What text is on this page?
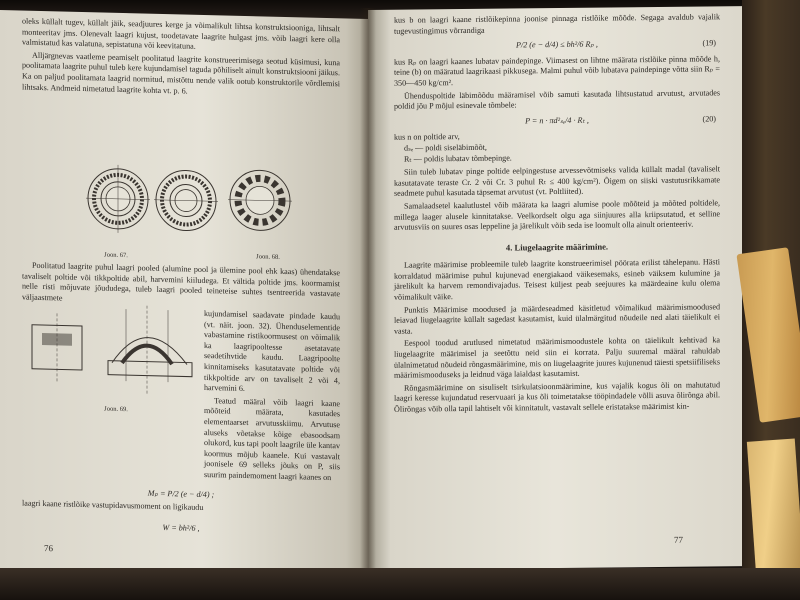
oleks küllalt tugev, küllalt jäik, seadjuures kerge ja võimalikult lihtsa konstruktsiooniga, lihtsalt monteeritav jms. Olenevalt laagri kujust, toodetavate laagrite hulgast jms. võib laagri kere olla valmistatud kas valatuna, sepistatuna või keevitatuna.

Alljärgnevas vaatleme peamiselt poolitatud laagrite konstrueerimisega seotud küsimusi, kuna poolitamata laagrite puhul tuleb kere kujundamisel taguda põhiliselt ainult konstruktsiooni jäikus. Ka on paljud poolitamata laagrid normitud, mistõttu nende valik ootub konstruktorile võrdlemisi lihtsaks. Andmeid nimetatud laagrite kohta vt. p. 6.

Joon. 67.	Joon. 68.

Poolitatud laagrite puhul laagri pooled (alumine pool ja ülemine pool ehk kaas) ühendatakse tavaliselt poltide või tikkpoltide abil, harvemini kiiludega. Et vältida poltide jms. koormamist nelle risti mõjuvate jõududega, tuleb laagri pooled teineteise suhtes tsentreerida vastavate väljaastmete

kujundamisel saadavate pindade kaudu (vt. näit. joon. 32). Ühenduselementide vabastamine ristikoormusest on võimalik ka laagripooltesse asetatavate seadetihvtide kaudu. Laagripoolte kinnitamiseks kasutatavate poltide või tikkpoltide arv on tavaliselt 2 või 4, harvemini 6.

Teatud määral võib laagri kaane mõõteid määrata, kasutades elementaarset arvutusskiimu. Arvutuse aluseks võetakse kõige ebasoodsam olukord, kus tapi poolt laagrile üle kantav koormus mõjub kaanele. Kui vastavalt joonisele 69 selleks jõuks on P, siis suurim paindemoment laagri kaanes on

Joon. 69.
Mₚ = P/2 (e − d/4) ;

laagri kaane ristlõike vastupidavusmoment on ligikaudu

W = bh²/6 ,
76

kus b on laagri kaane ristlõikepinna joonise pinnaga ristlõike mõõde. Segaga avaldub vajalik tugevustingimus võrrandiga

P/2 (e − d/4) ≤ bh²/6 Rₚ ,	(19)

kus Rₚ on laagri kaanes lubatav paindepinge. Viimasest on lihtne määrata ristlõike pinna mõõde h, teine (b) on määratud laagrikaasi pikkusega. Malmi puhul võib lubatava paindepinge võtta siin Rₚ = 350—450 kg/cm².

Ühenduspoltide läbimõõdu määramisel võib samuti kasutada lihtsustatud arvutust, arvutades poldid jõu P mõjul esinevale tõmbele:

P = n · πd²ₛₑ/4 · Rₜ ,	(20)
kus n on poltide arv,
dₛₑ — poldi siseläbimõõt,
Rₜ — poldis lubatav tõmbepinge.

Siin tuleb lubatav pinge poltide eelpingestuse arvessevõtmiseks valida küllalt madal (tavaliselt kasutatavate teraste Cr. 2 või Cr. 3 puhul Rₜ ≤ 400 kg/cm²). Õigem on siiski vastutusrikkamate seadmete puhul kasutada täpsemat arvutust (vt. Poltliited).

Samalaadsetel kaalutlustel võib määrata ka laagri alumise poole mõõteid ja mõõted poltidele, millega laager alusele kinnitatakse. Veelkordselt olgu aga siinjuures alla kriipsutatud, et selline arvutusviis on suures osas leppeline ja järelikult võib seda ise loomult olla ainult orienteeriv.

4. Liugelaagrite määrimine.

Laagrite määrimise probleemile tuleb laagrite konstrueerimisel pöörata erilist tähelepanu. Hästi korraldatud määrimise puhul kujunevad energiakaod väikesemaks, esineb väiksem kulumine ja järelikult ka harvem remondivajadus. Teisest küljest peab seejuures ka määrdeaine kulu olema võimalikult väike.

Punktis Määrimise moodused ja määrdeseadmed käsitletud võimalikud määrimismoodused leiavad liugelaagrite küllalt sagedast kasutamist, kuid ülalmärgitud nõudeile ned alati täielikult ei vasta.

Eespool toodud arutlused nimetatud määrimismoodustele kohta on täielikult kehtivad ka liugelaagrite määrimisel ja seetõttu neid siin ei korrata. Palju suuremal määral rahuldab ülalnimetatud nõudeid rõngasmäärimine, mis on liugelaagrite juures kujunenud täiesti spetsiifiliseks määrimismooduseks ja leidnud väga laialdast kasutamist.

Rõngasmäärimine on sisuliselt tsirkulatsioonmäärimine, kus vajalik kogus õli on mahutatud laagri keresse kujundatud reservuaari ja kus õli toimetatakse tööpindadele võlli asuva õlirõnga abil. Õlirõngas võib olla tapil lahtiselt või kinnitatult, vastavalt sellele eristatakse määrimist kin-

77
